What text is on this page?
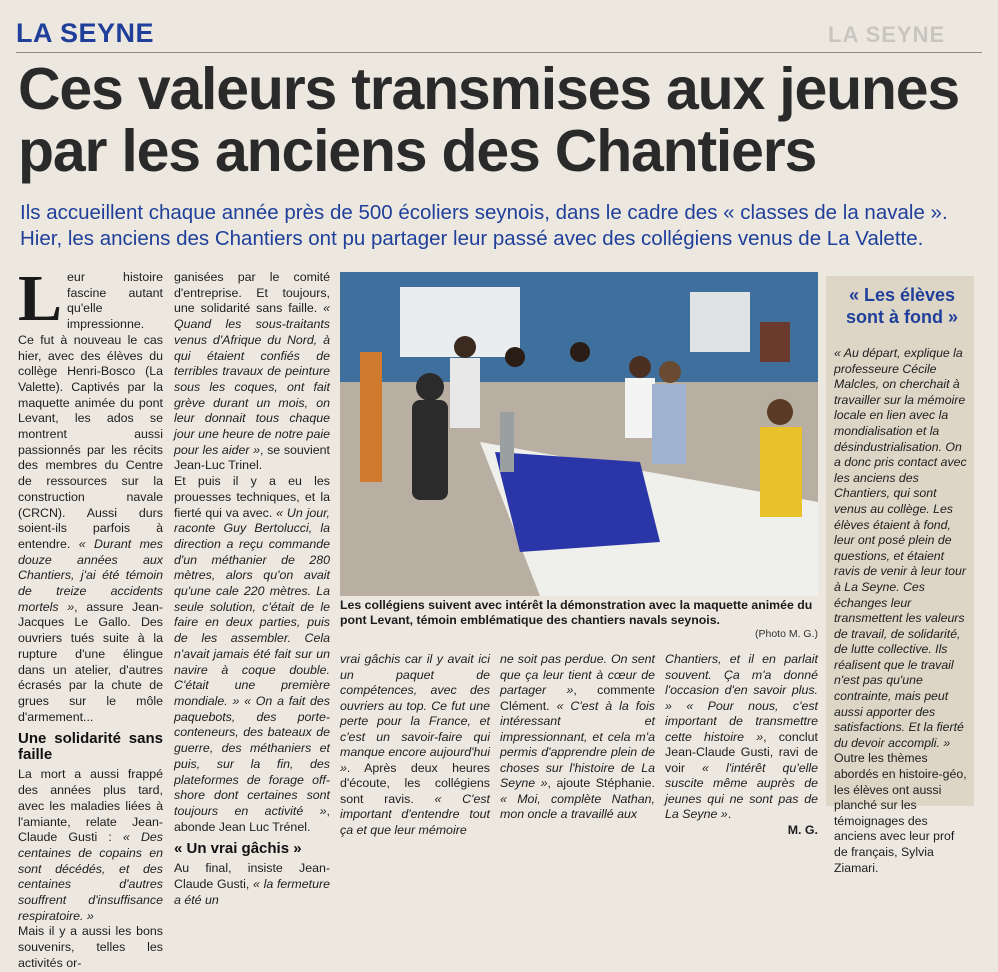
LA SEYNE
LA SEYNE
Ces valeurs transmises aux jeunes par les anciens des Chantiers

Ils accueillent chaque année près de 500 écoliers seynois, dans le cadre des « classes de la navale ». Hier, les anciens des Chantiers ont pu partager leur passé avec des collégiens venus de La Valette.

Leur histoire fascine autant qu'elle impressionne. Ce fut à nouveau le cas hier, avec des élèves du collège Henri-Bosco (La Valette). Captivés par la maquette animée du pont Levant, les ados se montrent aussi passionnés par les récits des membres du Centre de ressources sur la construction navale (CRCN). Aussi durs soient-ils parfois à entendre. « Durant mes douze années aux Chantiers, j'ai été témoin de treize accidents mortels », assure Jean-Jacques Le Gallo. Des ouvriers tués suite à la rupture d'une élingue dans un atelier, d'autres écrasés par la chute de grues sur le môle d'armement...

Une solidarité sans faille

La mort a aussi frappé des années plus tard, avec les maladies liées à l'amiante, relate Jean-Claude Gusti : « Des centaines de copains en sont décédés, et des centaines d'autres souffrent d'insuffisance respiratoire. »

Mais il y a aussi les bons souvenirs, telles les activités or-

ganisées par le comité d'entreprise. Et toujours, une solidarité sans faille. « Quand les sous-traitants venus d'Afrique du Nord, à qui étaient confiés de terribles travaux de peinture sous les coques, ont fait grève durant un mois, on leur donnait tous chaque jour une heure de notre paie pour les aider », se souvient Jean-Luc Trinel.

Et puis il y a eu les prouesses techniques, et la fierté qui va avec. « Un jour, raconte Guy Bertolucci, la direction a reçu commande d'un méthanier de 280 mètres, alors qu'on avait qu'une cale 220 mètres. La seule solution, c'était de le faire en deux parties, puis de les assembler. Cela n'avait jamais été fait sur un navire à coque double. C'était une première mondiale. » « On a fait des paquebots, des porte-conteneurs, des bateaux de guerre, des méthaniers et puis, sur la fin, des plateformes de forage off-shore dont certaines sont toujours en activité », abonde Jean Luc Trénel.

« Un vrai gâchis »

Au final, insiste Jean-Claude Gusti, « la fermeture a été un

Les collégiens suivent avec intérêt la démonstration avec la maquette animée du pont Levant, témoin emblématique des chantiers navals seynois.
(Photo M. G.)
vrai gâchis car il y avait ici un paquet de compétences, avec des ouvriers au top. Ce fut une perte pour la France, et c'est un savoir-faire qui manque encore aujourd'hui ». Après deux heures d'écoute, les collégiens sont ravis. « C'est important d'entendre tout ça et que leur mémoire
ne soit pas perdue. On sent que ça leur tient à cœur de partager », commente Clément. « C'est à la fois intéressant et impressionnant, et cela m'a permis d'apprendre plein de choses sur l'histoire de La Seyne », ajoute Stéphanie. « Moi, complète Nathan, mon oncle a travaillé aux
Chantiers, et il en parlait souvent. Ça m'a donné l'occasion d'en savoir plus. » « Pour nous, c'est important de transmettre cette histoire », conclut Jean-Claude Gusti, ravi de voir « l'intérêt qu'elle suscite même auprès de jeunes qui ne sont pas de La Seyne ».
M. G.
« Les élèves sont à fond »

« Au départ, explique la professeure Cécile Malcles, on cherchait à travailler sur la mémoire locale en lien avec la mondialisation et la désindustrialisation. On a donc pris contact avec les anciens des Chantiers, qui sont venus au collège. Les élèves étaient à fond, leur ont posé plein de questions, et étaient ravis de venir à leur tour à La Seyne. Ces échanges leur transmettent les valeurs de travail, de solidarité, de lutte collective. Ils réalisent que le travail n'est pas qu'une contrainte, mais peut aussi apporter des satisfactions. Et la fierté du devoir accompli. » Outre les thèmes abordés en histoire-géo, les élèves ont aussi planché sur les témoignages des anciens avec leur prof de français, Sylvia Ziamari.
